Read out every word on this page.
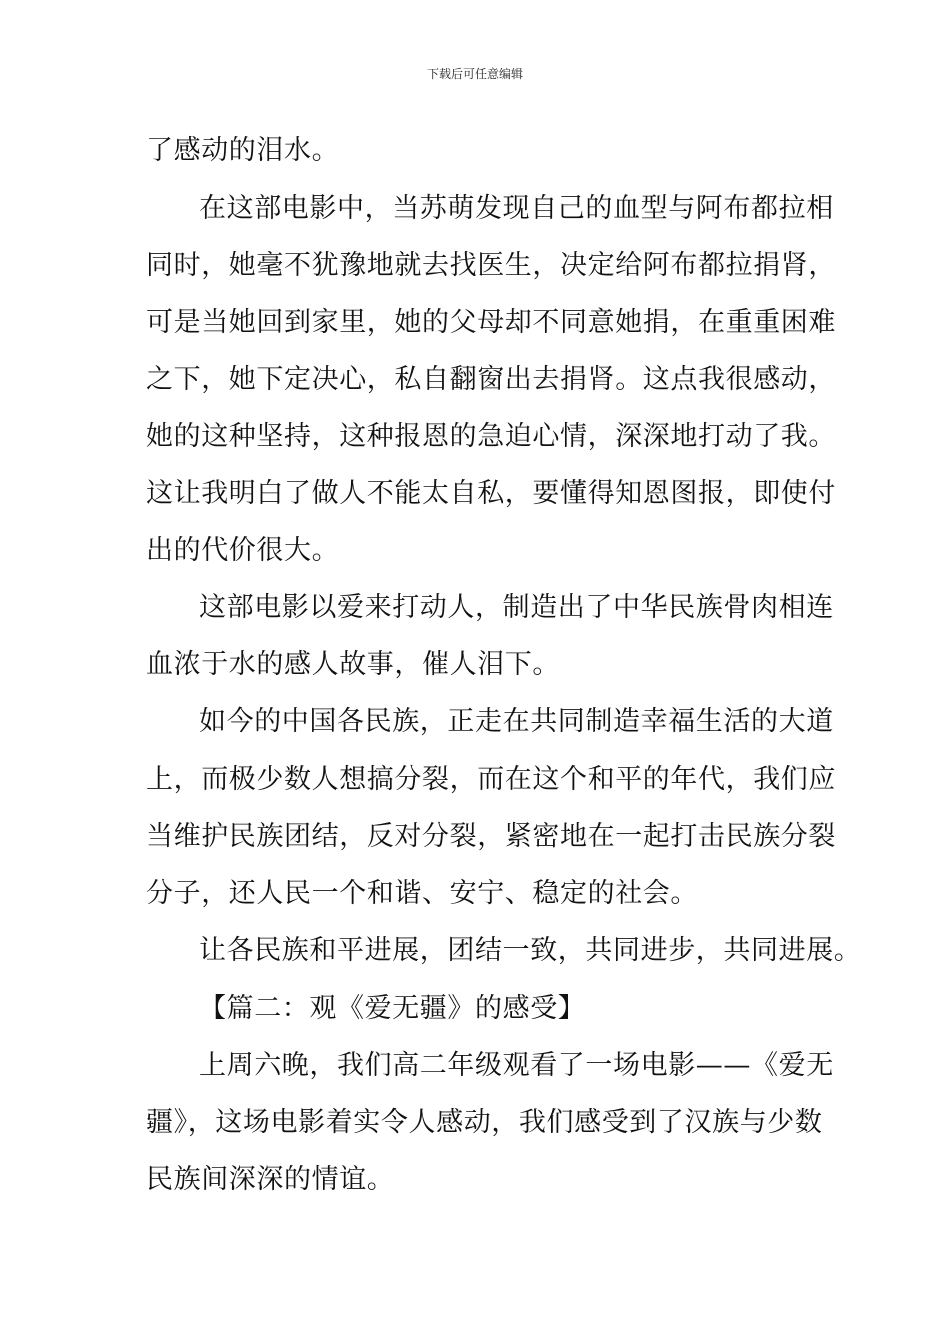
下载后可任意编辑
了感动的泪水。
在这部电影中，当苏萌发现自己的血型与阿布都拉相
同时，她毫不犹豫地就去找医生，决定给阿布都拉捐肾，
可是当她回到家里，她的父母却不同意她捐，在重重困难
之下，她下定决心，私自翻窗出去捐肾。这点我很感动，
她的这种坚持，这种报恩的急迫心情，深深地打动了我。
这让我明白了做人不能太自私，要懂得知恩图报，即使付
出的代价很大。
这部电影以爱来打动人，制造出了中华民族骨肉相连
血浓于水的感人故事，催人泪下。
如今的中国各民族，正走在共同制造幸福生活的大道
上，而极少数人想搞分裂，而在这个和平的年代，我们应
当维护民族团结，反对分裂，紧密地在一起打击民族分裂
分子，还人民一个和谐、安宁、稳定的社会。
让各民族和平进展，团结一致，共同进步，共同进展。
【篇二：观《爱无疆》的感受】
上周六晚，我们高二年级观看了一场电影——《爱无
疆》，这场电影着实令人感动，我们感受到了汉族与少数
民族间深深的情谊。
